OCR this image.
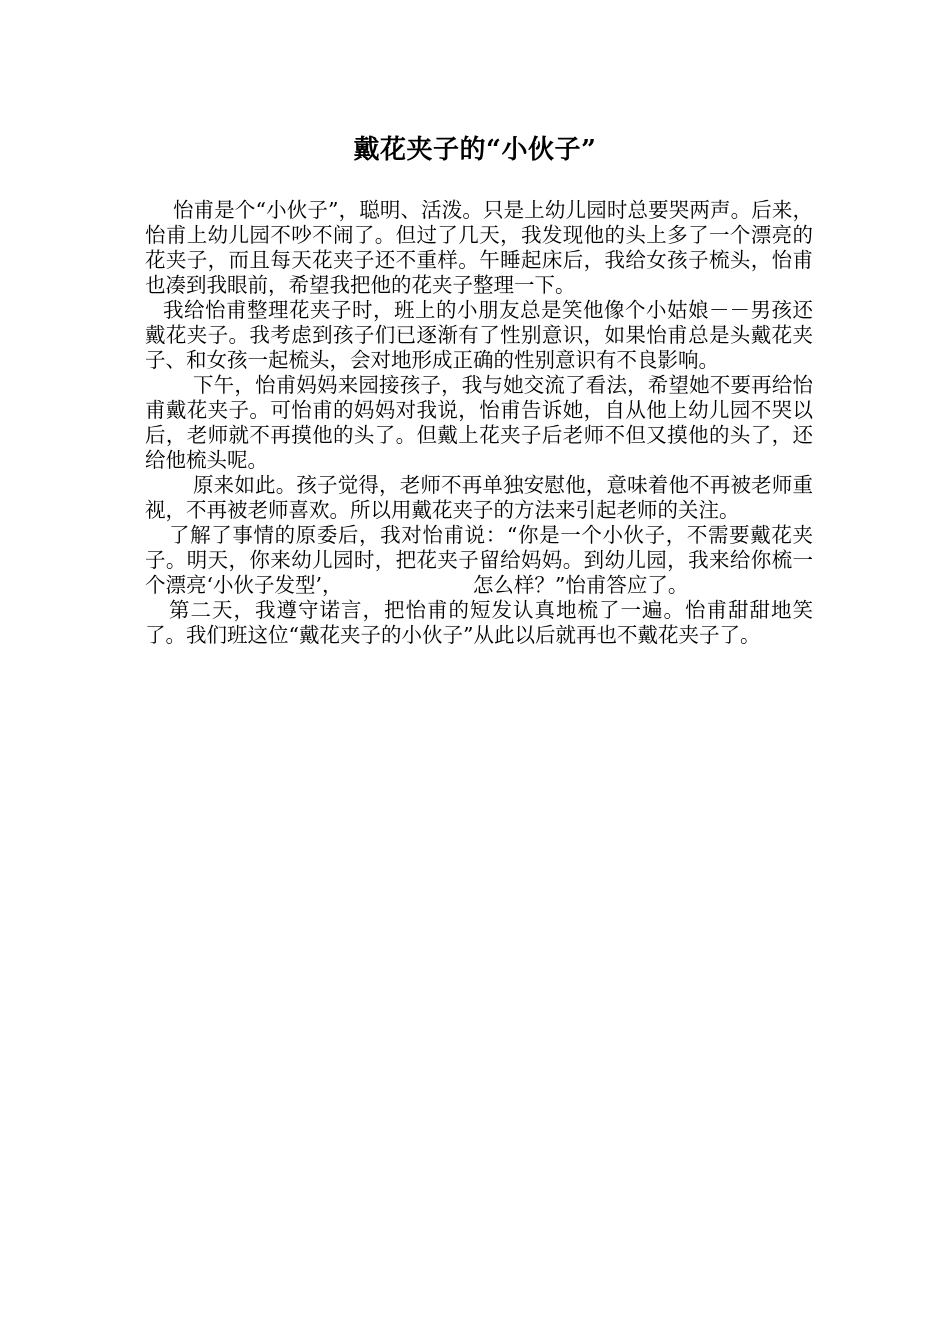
戴花夹子的“小伙子”

怡甫是个“小伙子”，聪明、活泼。只是上幼儿园时总要哭两声。后来，怡甫上幼儿园不吵不闹了。但过了几天，我发现他的头上多了一个漂亮的花夹子，而且每天花夹子还不重样。午睡起床后，我给女孩子梳头，怡甫也凑到我眼前，希望我把他的花夹子整理一下。

我给怡甫整理花夹子时，班上的小朋友总是笑他像个小姑娘－－男孩还戴花夹子。我考虑到孩子们已逐渐有了性别意识，如果怡甫总是头戴花夹子、和女孩一起梳头，会对地形成正确的性别意识有不良影响。

下午，怡甫妈妈来园接孩子，我与她交流了看法，希望她不要再给怡甫戴花夹子。可怡甫的妈妈对我说，怡甫告诉她，自从他上幼儿园不哭以后，老师就不再摸他的头了。但戴上花夹子后老师不但又摸他的头了，还给他梳头呢。

原来如此。孩子觉得，老师不再单独安慰他，意味着他不再被老师重视，不再被老师喜欢。所以用戴花夹子的方法来引起老师的关注。

了解了事情的原委后，我对怡甫说：“你是一个小伙子，不需要戴花夹子。明天，你来幼儿园时，把花夹子留给妈妈。到幼儿园，我来给你梳一个漂亮‘小伙子发型’，                    怎么样？”怡甫答应了。

第二天，我遵守诺言，把怡甫的短发认真地梳了一遍。怡甫甜甜地笑了。我们班这位“戴花夹子的小伙子”从此以后就再也不戴花夹子了。
